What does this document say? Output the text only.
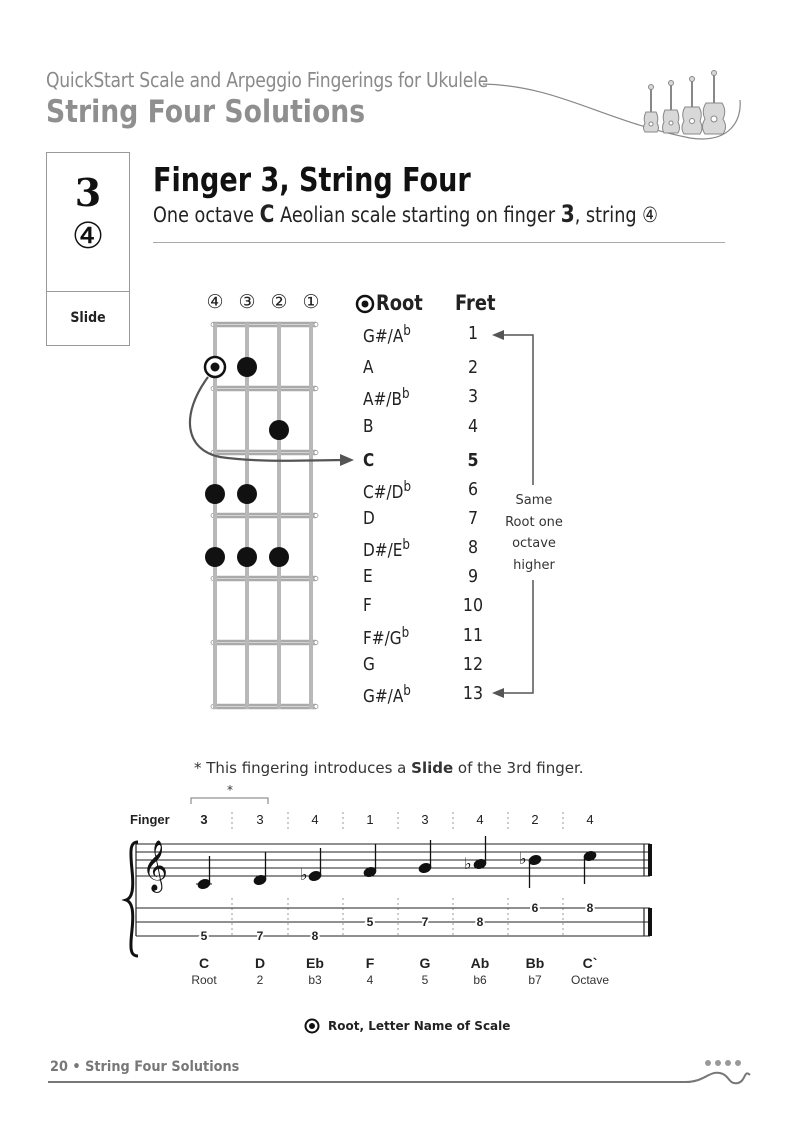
QuickStart Scale and Arpeggio Fingerings for Ukulele
String Four Solutions
3
④
Slide
Finger 3, String Four
One octave C Aeolian scale starting on finger 3, string ④
④ ③ ② ①	Root Fret
$G\#/A^b$	1
A	2
$A\#/B^b$	3
B	4
C	5
$C\#/D^b$	6
D	7
$D\#/E^b$	8
E	9
F	10
$F\#/G^b$	11
G	12
$G\#/A^b$	13
Same
Root one
octave
higher
* This fingering introduces a Slide of the 3rd finger.
*
Finger 3	3	4	1	3	4	2	4
𝄞	♭
♭	♭
5	7	8
5	7	8
6	8
C	D	Eb	F	G	Ab	Bb	C`
Root	2	b3	4	5	b6	b7 Octave
Root, Letter Name of Scale
20 • String Four Solutions
